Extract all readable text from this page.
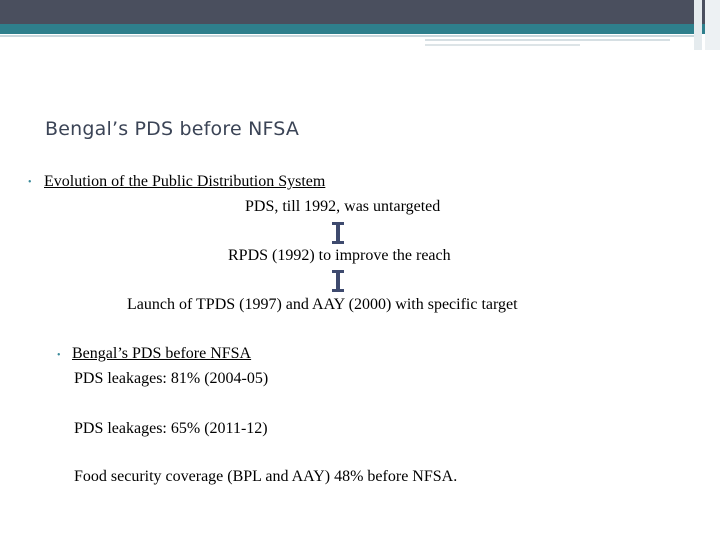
Bengal’s PDS before NFSA
• Evolution of the Public Distribution System
PDS, till 1992, was untargeted
RPDS (1992) to improve the reach
Launch of TPDS (1997) and AAY (2000) with specific target
• Bengal’s PDS before NFSA
PDS leakages: 81% (2004-05)
PDS leakages: 65% (2011-12)
Food security coverage (BPL and AAY) 48% before NFSA.
